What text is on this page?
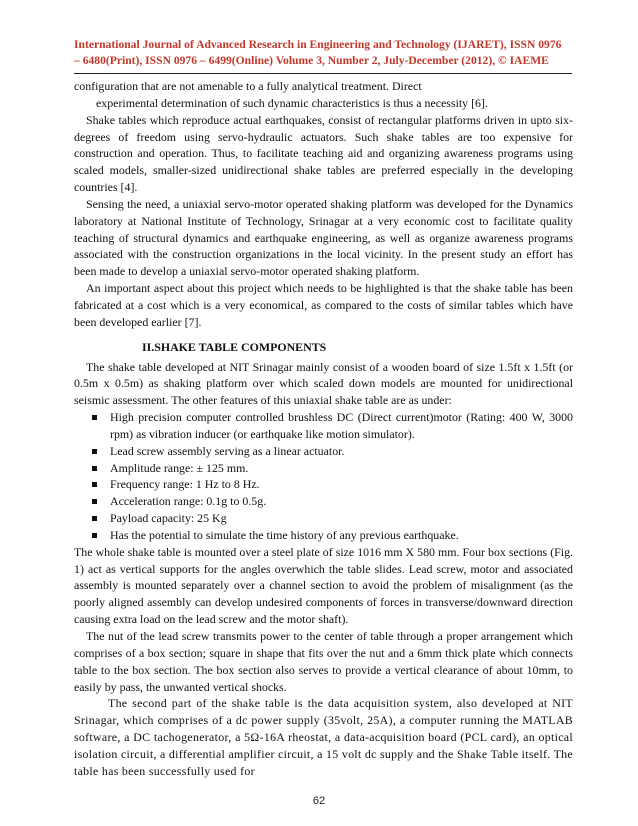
International Journal of Advanced Research in Engineering and Technology (IJARET), ISSN 0976
– 6480(Print), ISSN 0976 – 6499(Online) Volume 3, Number 2, July-December (2012), © IAEME

configuration that are not amenable to a fully analytical treatment. Direct

experimental determination of such dynamic characteristics is thus a necessity [6].

Shake tables which reproduce actual earthquakes, consist of rectangular platforms driven in upto six-degrees of freedom using servo-hydraulic actuators. Such shake tables are too expensive for construction and operation. Thus, to facilitate teaching aid and organizing awareness programs using scaled models, smaller-sized unidirectional shake tables are preferred especially in the developing countries [4].

Sensing the need, a uniaxial servo-motor operated shaking platform was developed for the Dynamics laboratory at National Institute of Technology, Srinagar at a very economic cost to facilitate quality teaching of structural dynamics and earthquake engineering, as well as organize awareness programs associated with the construction organizations in the local vicinity. In the present study an effort has been made to develop a uniaxial servo-motor operated shaking platform.

An important aspect about this project which needs to be highlighted is that the shake table has been fabricated at a cost which is a very economical, as compared to the costs of similar tables which have been developed earlier [7].

II.SHAKE TABLE COMPONENTS

The shake table developed at NIT Srinagar mainly consist of a wooden board of size 1.5ft x 1.5ft (or 0.5m x 0.5m) as shaking platform over which scaled down models are mounted for unidirectional seismic assessment. The other features of this uniaxial shake table are as under:

High precision computer controlled brushless DC (Direct current)motor (Rating: 400 W, 3000 rpm) as vibration inducer (or earthquake like motion simulator).
Lead screw assembly serving as a linear actuator.
Amplitude range: ± 125 mm.
Frequency range: 1 Hz to 8 Hz.
Acceleration range: 0.1g to 0.5g.
Payload capacity: 25 Kg
Has the potential to simulate the time history of any previous earthquake.

The whole shake table is mounted over a steel plate of size 1016 mm X 580 mm. Four box sections (Fig. 1) act as vertical supports for the angles overwhich the table slides. Lead screw, motor and associated assembly is mounted separately over a channel section to avoid the problem of misalignment (as the poorly aligned assembly can develop undesired components of forces in transverse/downward direction causing extra load on the lead screw and the motor shaft).

The nut of the lead screw transmits power to the center of table through a proper arrangement which comprises of a box section; square in shape that fits over the nut and a 6mm thick plate which connects table to the box section. The box section also serves to provide a vertical clearance of about 10mm, to easily by pass, the unwanted vertical shocks.

The second part of the shake table is the data acquisition system, also developed at NIT Srinagar, which comprises of a dc power supply (35volt, 25A), a computer running the MATLAB software, a DC tachogenerator, a 5Ω-16A rheostat, a data-acquisition board (PCL card), an optical isolation circuit, a differential amplifier circuit, a 15 volt dc supply and the Shake Table itself. The table has been successfully used for

62
